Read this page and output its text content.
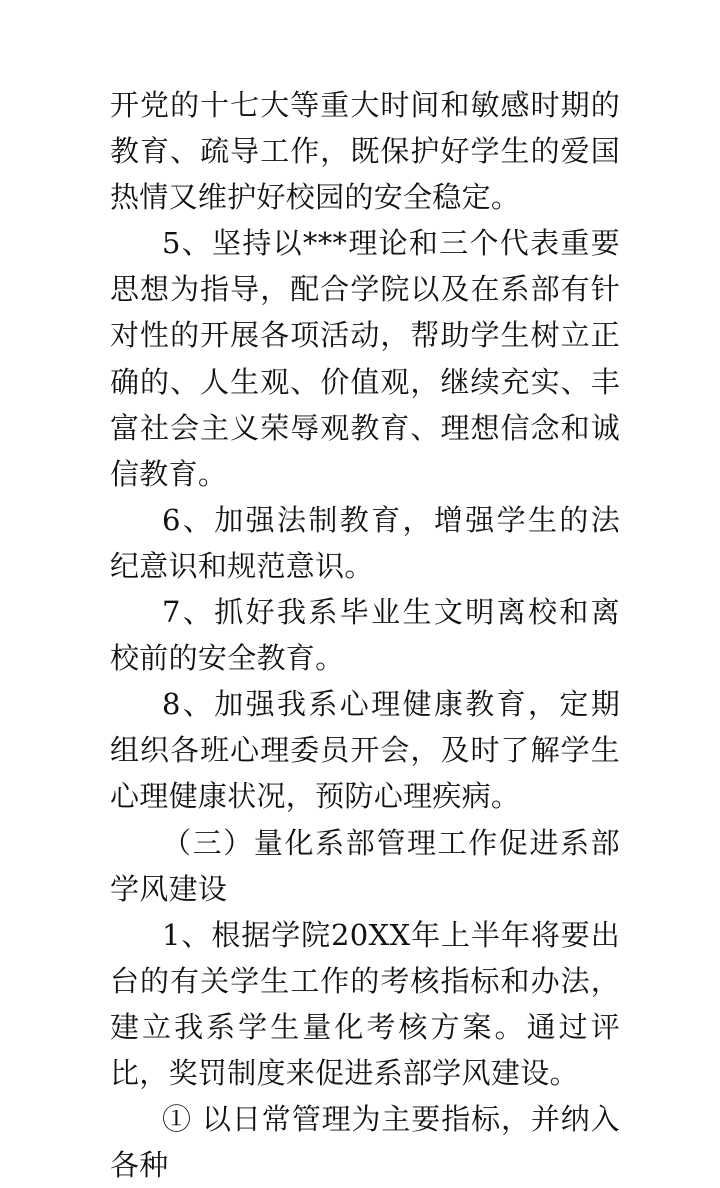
开党的十七大等重大时间和敏感时期的教育、疏导工作，既保护好学生的爱国热情又维护好校园的安全稳定。

5、坚持以***理论和三个代表重要思想为指导，配合学院以及在系部有针对性的开展各项活动，帮助学生树立正确的、人生观、价值观，继续充实、丰富社会主义荣辱观教育、理想信念和诚信教育。

6、加强法制教育，增强学生的法纪意识和规范意识。

7、抓好我系毕业生文明离校和离校前的安全教育。

8、加强我系心理健康教育，定期组织各班心理委员开会，及时了解学生心理健康状况，预防心理疾病。

（三）量化系部管理工作促进系部学风建设

1、根据学院20XX年上半年将要出台的有关学生工作的考核指标和办法，建立我系学生量化考核方案。通过评比，奖罚制度来促进系部学风建设。

① 以日常管理为主要指标，并纳入各种
